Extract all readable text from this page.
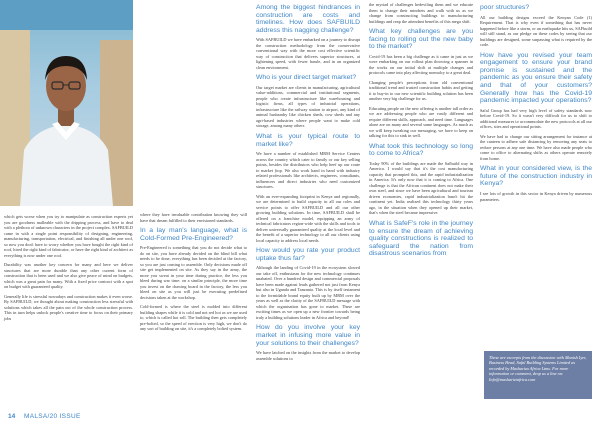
which gets worse when you try to manipulate as construction experts yet you are goodness malleable with the dripping process, and have to deal with a plethora of unknown characters in the project complex. SAFBUILD came in with a single point responsibility of designing, engineering, manufacturing, transportation, electrical, and finishing all under one roof, so now you don't have to worry whether you have bought the right kind of roof, hired the right kind of fabricator, or have the right kind of architect as everything is now under one roof.

Durability was another key concern for many and here we deliver structures that are more durable than any other current form of construction that is been used and we also give peace of mind on budgets, which was a great pain for many. With a fixed price contract with a spot on budget with guaranteed quality.

Generally life is stressful nowadays and construction makes it even worse. By SAFBUILD, we thought about making construction less stressful with solutions which takes all the pain out of the whole construction process. This in turn helps unlock people's creative time to focus on their primary jobs

where they have invaluable contribution knowing they will have that dream fulfilled to their envisioned standards.

In a lay man's language, what is Cold-Formed Pre-Engineered?

Pre-Engineered is something that you do not decide what to do on site, you have already decided on the blind bill what needs to be done, everything has been decided at the factory, so you are just coming to assemble. Only decisions made off site get implemented on site. As they say in the army, the more you sweat in your time during practice, the less you bleed during war time: on a similar principle, the more time you invest on the drawing board in the factory, the less you bleed on site as you will just be executing predefined decisions taken at the workshop.

Cold-formed is where the steel is molded into different building shapes while it is cold and not red hot as we are used to, which is called hot roll. The building then gets completely pre-bolted, so the speed of erection is very high, we don't do any sort of building on site, it's a completely bolted system.

Among the biggest hindrances in construction are costs and timelines. How does SAFBUILD address this nagging challenge?

With SAFBUILD we have embarked on a journey to disrupt the construction methodology from the conservative conventional way with the more cost effective scientific way of construction that delivers superior structures, at lightening speed, with fewer hassle, and in an organized clean environment.

Who is your direct target market?

Our target market are clients in manufacturing, agricultural value-additions, commercial and institutional segments, people who create infrastructure like warehousing and logistic firms, all types of industrial operations, infrastructure like the railway station to airport, any kind of animal husbandry like chicken sheds, cow sheds and any agri-based industries where people want to make cold storage, among many others

What is your typical route to market like?

We have a number of established MRM Service Centers across the country which cater to family or our key selling points, besides the distributors who help beef up our route to market (top. We also work hand in hand with industry related professionals like architects, engineers, consultants, influencers and direct industries who need customized structures.

With an ever-expanding footprint in Kenya and regionally, we are determined to build capacity in all our roles and service points to offer SAFBUILD and all our other growing building solutions. In time, SAFBUILD shall be offered on a franchise model, equipping an army of technical fabricators region-wide with the skills and tools to deliver universally guaranteed quality at the local level and the benefit of a superior technology to all our clients using local capacity to address local needs.

How would you rate your product uptake thus far?

Although the landing of Covid-19 in the ecosystem slowed our take off, enthusiasm for the new technology continues unabated. Over a hundred design and commercial proposals have been made against leads gathered not just from Kenya but also in Uganda and Tanzania. This is by itself testament to the formidable brand equity built up by MRM over the years as well as the clarity of the SAFBUILD message with which the organisation has gone to market. These are exciting times as we open up a new frontier towards being truly a building solutions leader in Africa and beyond!

How do you involve your key market in infusing more value in your solutions to their challenges?

We have latched on the insights from the market to develop assemble solutions to

the myriad of challenges bedeviling them and we educate them to change their mindsets and walk with us as we change from constructing buildings to manufacturing buildings and reap the attendant benefits of this mega shift.

What key challenges are you facing to rolling out the new baby to the market?

Covid-19 has been a big challenge as it came in just as we were embarking on our rollout plan throwing a spanner in the works on our initial shift at multiple changes and protocols came into play affecting normalcy to a great deal.

Changing people's perceptions from old conventional traditional trend and trusted construction habits and getting it to buy-in to our new scientific building solution has been another very big challenge for us.

Educating people on the new offering is another tall order as we are addressing people who are vastly different and require different skills, approach, and need time. Languages alone are on many and several same languages. As much as we will keep tweaking our messaging, we have to keep on talking for this to sink in well.

What took this technology so long to come to Africa?

Today 90% of the buildings are made the Safbuild way in America. I would say that it's the cost manufacturing capacity that prompted this, and the rapid industrialization in America. It's only now that it is coming to Africa. One challenge is that the African continent does not make their own steel, and since we have been agricultural and tourism driven economies, rapid industrialization hasn't hit the continent yet. India realized this technology thirty years ago, in the situation when they opened up their market, that's when the steel became impressive.

What is SafeF's role in the journey to ensure the dream of achieving quality constructions is realized to safeguard the nation from disastrous scenarios from
poor structures?

All our building designs exceed the Kenyan Code (1) Requirement. That is why even if something that has never happened before like a storm, or an earthquake hits us, SAFbuild will still stand, as our pledge on these codes by seeing that our buildings are designed, some surpassing what is required by the code.

How have you revised your team engagement to ensure your brand promise is sustained and the pandemic as you ensure their safety and that of your customers? Generally how has the Covid-19 pandemic impacted your operations?

Safal Group has had very high level of safety standards now before Covid-19. So it wasn't very difficult for us to shift to additional measures to accommodate the new protocols at all our offices, sites and operational points.

We have had to change our sitting arrangement for instance at the canteen to adhere safe distancing by removing any seats to reduce persons at any one time. We have also made people who come to office to alternating shifts as others operate remotely from home.

What in your considered view, is the future of the construction industry in Kenya?

I see lots of growth in this sector in Kenya driven by numerous parameters.

These are excerpts from the discussion with Manish Iyer, Business Head, Safal Building Systems Limited as recorded by Mashariza Africa Ltms. For more information or comment, drop us a line on: Info@mashariziafrica.com
14 MALSA/20 ISSUE
